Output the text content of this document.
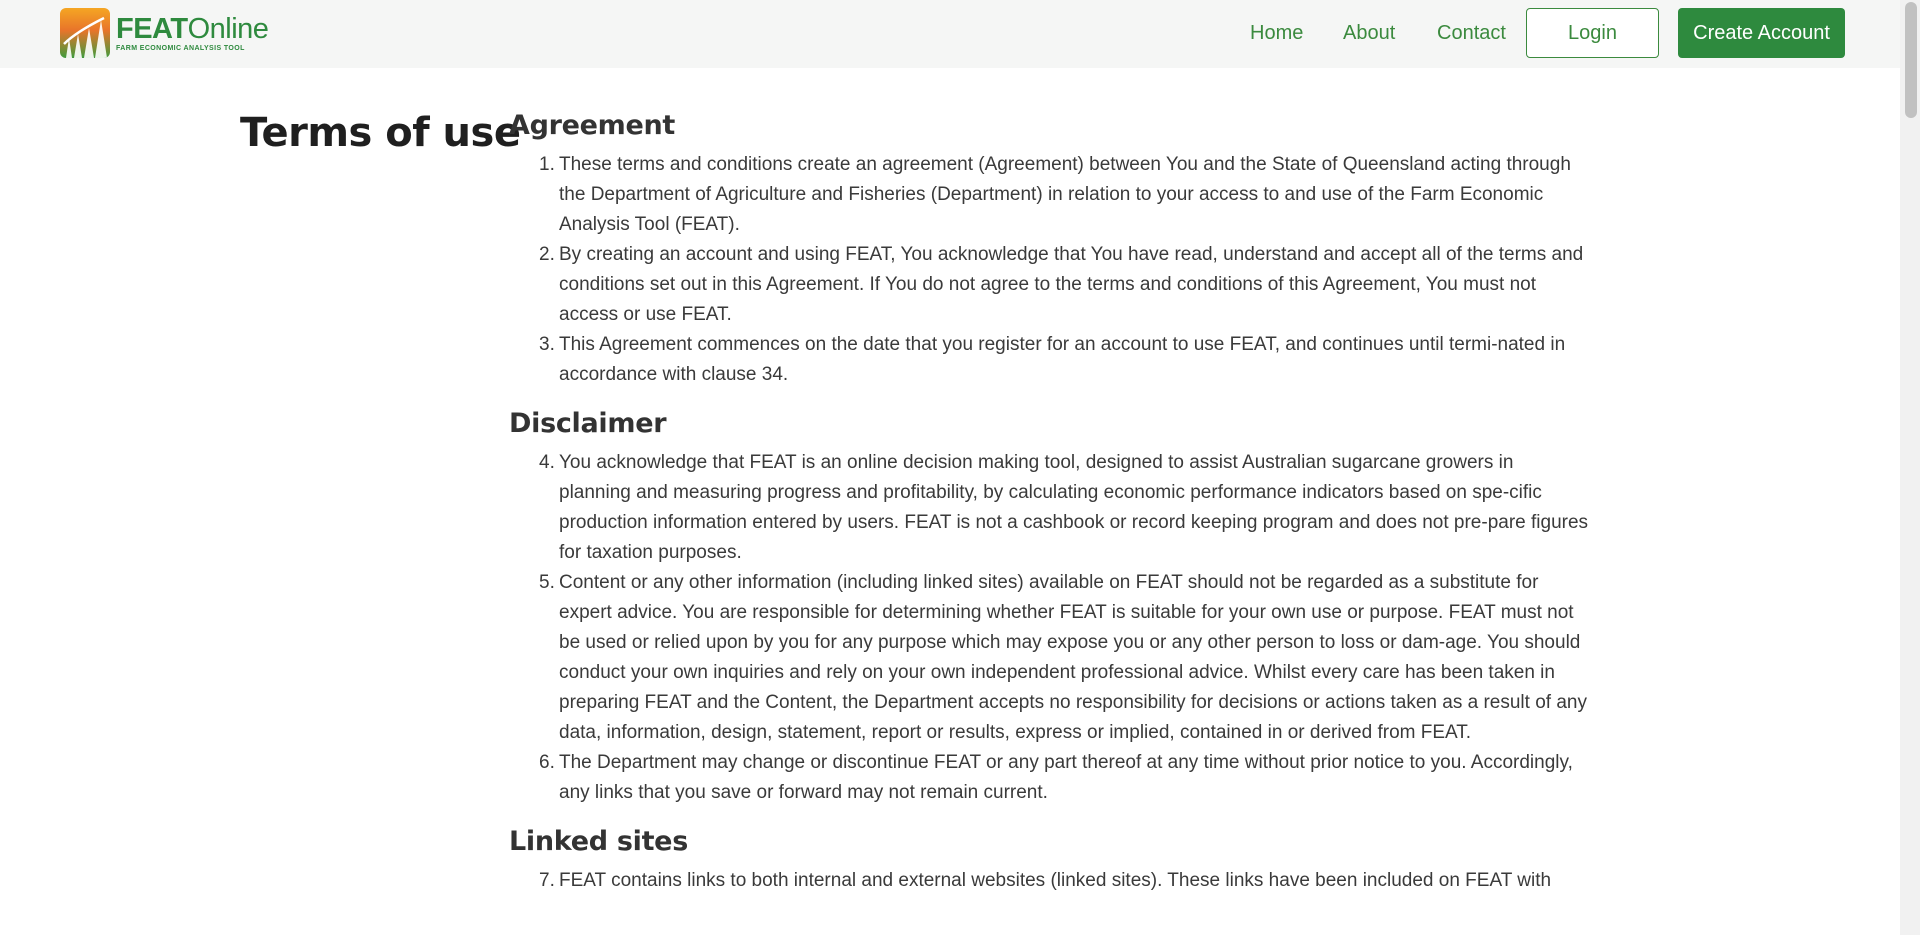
FEATOnline
FARM ECONOMIC ANALYSIS TOOL
Home About Contact	Login	Create Account
Terms of use
Agreement
1. These terms and conditions create an agreement (Agreement) between You and the State of Queensland acting through the Department of Agriculture and Fisheries (Department) in relation to your access to and use of the Farm Economic Analysis Tool (FEAT).
2. By creating an account and using FEAT, You acknowledge that You have read, understand and accept all of the terms and conditions set out in this Agreement. If You do not agree to the terms and conditions of this Agreement, You must not access or use FEAT.
3. This Agreement commences on the date that you register for an account to use FEAT, and continues until termi-nated in accordance with clause 34.
Disclaimer
4. You acknowledge that FEAT is an online decision making tool, designed to assist Australian sugarcane growers in planning and measuring progress and profitability, by calculating economic performance indicators based on spe-cific production information entered by users. FEAT is not a cashbook or record keeping program and does not pre-pare figures for taxation purposes.
5. Content or any other information (including linked sites) available on FEAT should not be regarded as a substitute for expert advice. You are responsible for determining whether FEAT is suitable for your own use or purpose. FEAT must not be used or relied upon by you for any purpose which may expose you or any other person to loss or dam-age. You should conduct your own inquiries and rely on your own independent professional advice. Whilst every care has been taken in preparing FEAT and the Content, the Department accepts no responsibility for decisions or actions taken as a result of any data, information, design, statement, report or results, express or implied, contained in or derived from FEAT.
6. The Department may change or discontinue FEAT or any part thereof at any time without prior notice to you. Accordingly, any links that you save or forward may not remain current.
Linked sites
7. FEAT contains links to both internal and external websites (linked sites). These links have been included on FEAT with
